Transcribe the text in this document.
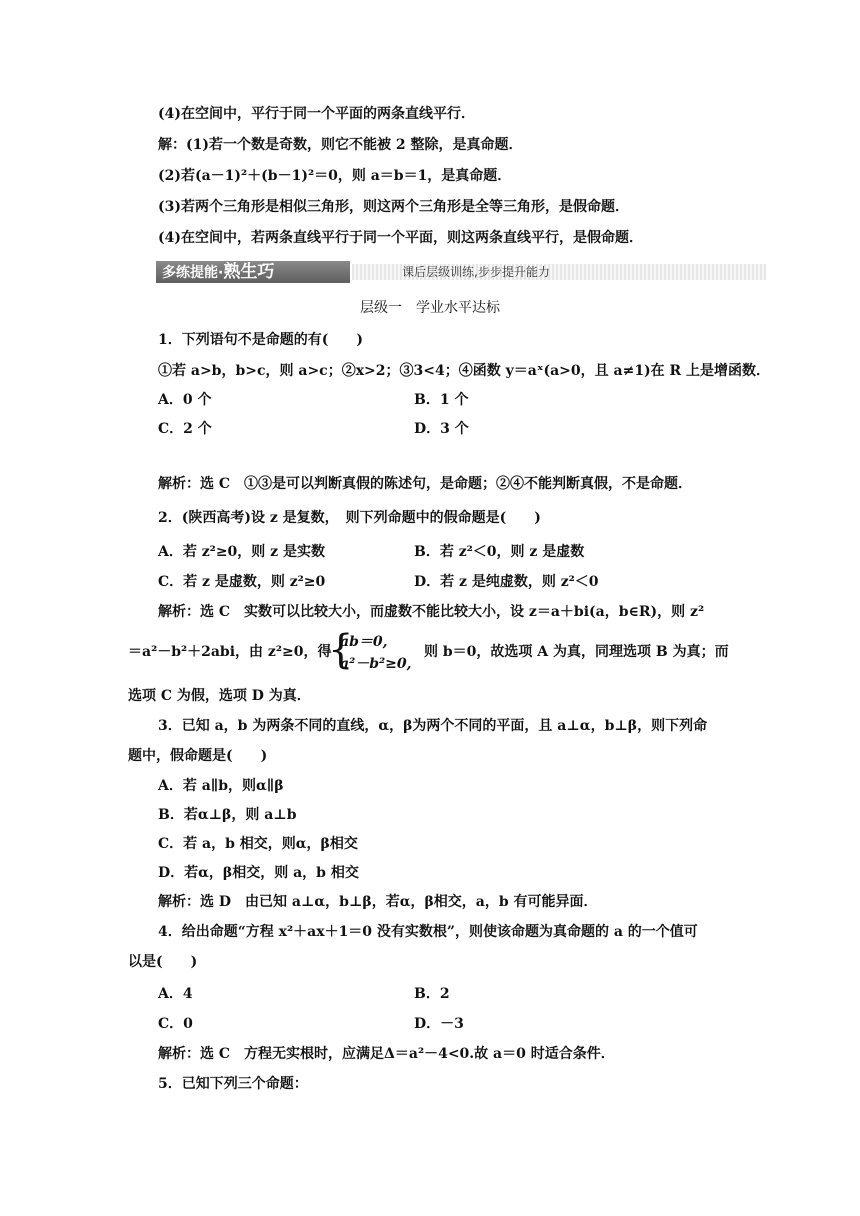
(4)在空间中，平行于同一个平面的两条直线平行．
解：(1)若一个数是奇数，则它不能被 2 整除，是真命题．
(2)若(a－1)²＋(b－1)²＝0，则 a＝b＝1，是真命题．
(3)若两个三角形是相似三角形，则这两个三角形是全等三角形，是假命题．
(4)在空间中，若两条直线平行于同一个平面，则这两条直线平行，是假命题．
多练提能·熟生巧	课后层级训练,步步提升能力
层级一　学业水平达标
1．下列语句不是命题的有(　　)
①若 a>b，b>c，则 a>c；②x>2；③3<4；④函数 y＝aˣ(a>0，且 a≠1)在 R 上是增函数．
A．0 个	B．1 个
C．2 个	D．3 个
解析：选 C　①③是可以判断真假的陈述句，是命题；②④不能判断真假，不是命题．
2．(陕西高考)设 z 是复数，　则下列命题中的假命题是(　　)
A．若 z²≥0，则 z 是实数	B．若 z²＜0，则 z 是虚数
C．若 z 是虚数，则 z²≥0	D．若 z 是纯虚数，则 z²＜0
解析：选 C　实数可以比较大小，而虚数不能比较大小，设 z＝a＋bi(a，b∈R)，则 z²
＝a²－b²＋2abi，由 z²≥0，得
{
ab＝0,
a²－b²≥0,
则 b＝0，故选项 A 为真，同理选项 B 为真；而
选项 C 为假，选项 D 为真．
3．已知 a，b 为两条不同的直线，α，β为两个不同的平面，且 a⊥α，b⊥β，则下列命
题中，假命题是(　　)
A．若 a∥b，则α∥β
B．若α⊥β，则 a⊥b
C．若 a，b 相交，则α，β相交
D．若α，β相交，则 a，b 相交
解析：选 D　由已知 a⊥α，b⊥β，若α，β相交，a，b 有可能异面．
4．给出命题“方程 x²＋ax＋1＝0 没有实数根”，则使该命题为真命题的 a 的一个值可
以是(　　)
A．4	B．2
C．0	D．－3
解析：选 C　方程无实根时，应满足Δ＝a²－4<0.故 a＝0 时适合条件．
5．已知下列三个命题：
